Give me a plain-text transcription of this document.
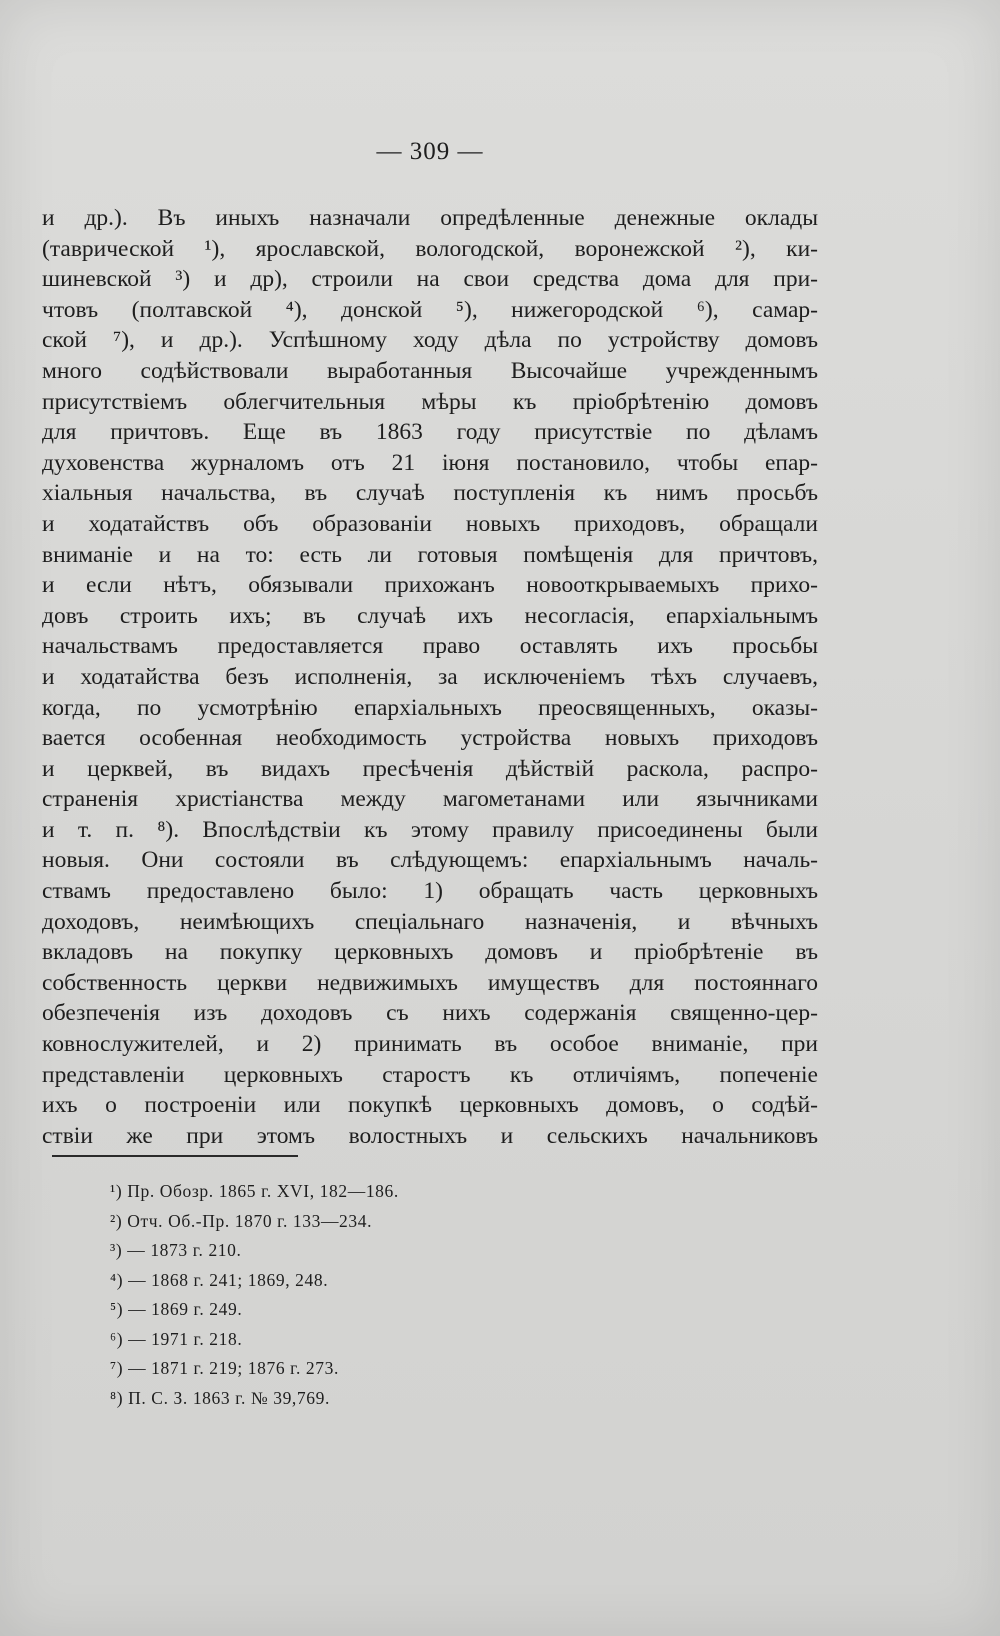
— 309 —
и др.). Въ иныхъ назначали опредѣленные денежные оклады
(таврической ¹), ярославской, вологодской, воронежской ²), ки-
шиневской ³) и др), строили на свои средства дома для при-
чтовъ (полтавской ⁴), донской ⁵), нижегородской ⁶), самар-
ской ⁷), и др.). Успѣшному ходу дѣла по устройству домовъ
много содѣйствовали выработанныя Высочайше учрежденнымъ
присутствіемъ облегчительныя мѣры къ пріобрѣтенію домовъ
для причтовъ. Еще въ 1863 году присутствіе по дѣламъ
духовенства журналомъ отъ 21 іюня постановило, чтобы епар-
хіальныя начальства, въ случаѣ поступленія къ нимъ просьбъ
и ходатайствъ объ образованіи новыхъ приходовъ, обращали
вниманіе и на то: есть ли готовыя помѣщенія для причтовъ,
и если нѣтъ, обязывали прихожанъ новооткрываемыхъ прихо-
довъ строить ихъ; въ случаѣ ихъ несогласія, епархіальнымъ
начальствамъ предоставляется право оставлять ихъ просьбы
и ходатайства безъ исполненія, за исключеніемъ тѣхъ случаевъ,
когда, по усмотрѣнію епархіальныхъ преосвященныхъ, оказы-
вается особенная необходимость устройства новыхъ приходовъ
и церквей, въ видахъ пресѣченія дѣйствій раскола, распро-
страненія христіанства между магометанами или язычниками
и т. п. ⁸). Впослѣдствіи къ этому правилу присоединены были
новыя. Они состояли въ слѣдующемъ: епархіальнымъ началь-
ствамъ предоставлено было: 1) обращать часть церковныхъ
доходовъ, неимѣющихъ спеціальнаго назначенія, и вѣчныхъ
вкладовъ на покупку церковныхъ домовъ и пріобрѣтеніе въ
собственность церкви недвижимыхъ имуществъ для постояннаго
обезпеченія изъ доходовъ съ нихъ содержанія священно-цер-
ковнослужителей, и 2) принимать въ особое вниманіе, при
представленіи церковныхъ старостъ къ отличіямъ, попеченіе
ихъ о построеніи или покупкѣ церковныхъ домовъ, о содѣй-
ствіи же при этомъ волостныхъ и сельскихъ начальниковъ
¹) Пр. Обозр. 1865 г. XVI, 182—186.
²) Отч. Об.-Пр. 1870 г. 133—234.
³) — 1873 г. 210.
⁴) — 1868 г. 241; 1869, 248.
⁵) — 1869 г. 249.
⁶) — 1971 г. 218.
⁷) — 1871 г. 219; 1876 г. 273.
⁸) П. С. З. 1863 г. № 39,769.
